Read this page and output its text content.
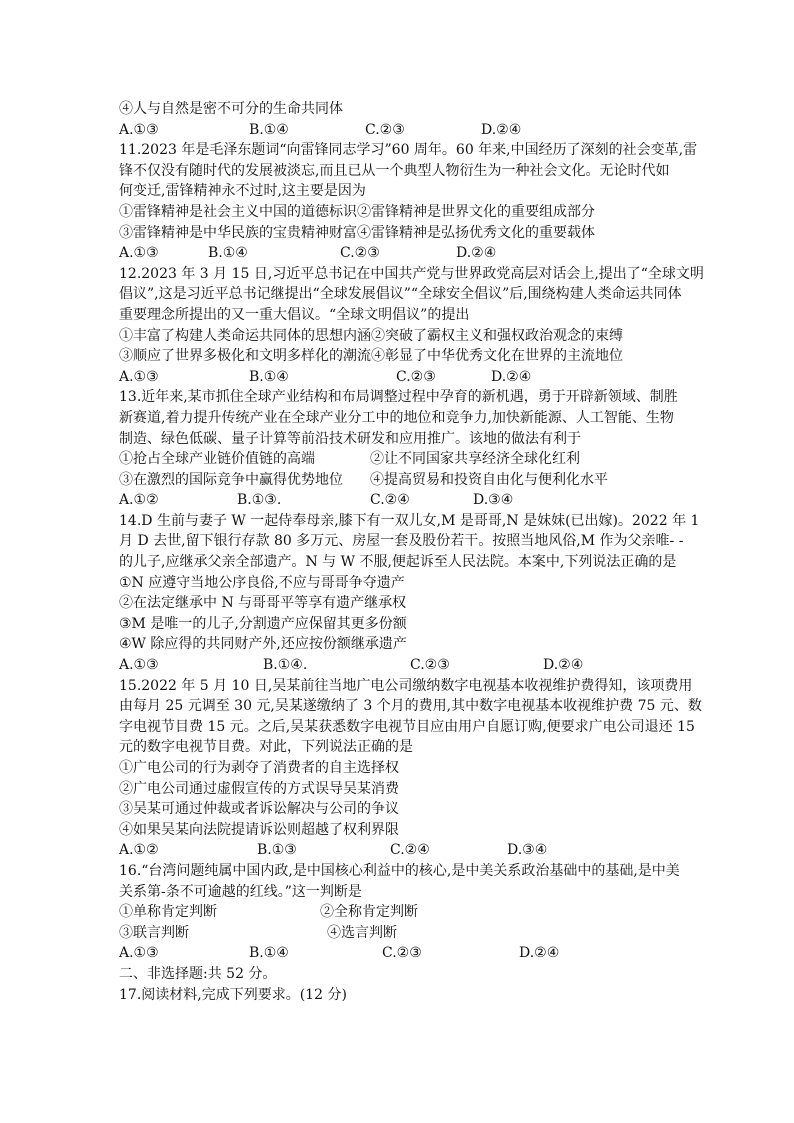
④人与自然是密不可分的生命共同体
A.①③	B.①④	C.②③	D.②④
11.2023 年是毛泽东题词“向雷锋同志学习”60 周年。60 年来,中国经历了深刻的社会变革,雷
锋不仅没有随时代的发展被淡忘,而且已从一个典型人物衍生为一种社会文化。无论时代如
何变迁,雷锋精神永不过时,这主要是因为
①雷锋精神是社会主义中国的道德标识②雷锋精神是世界文化的重要组成部分
③雷锋精神是中华民族的宝贵精神财富④雷锋精神是弘扬优秀文化的重要载体
A.①③	B.①④	C.②③	D.②④
12.2023 年 3 月 15 日,习近平总书记在中国共产党与世界政党高层对话会上,提出了“全球文明
倡议”,这是习近平总书记继提出“全球发展倡议”“全球安全倡议”后,围绕构建人类命运共同体
重要理念所提出的又一重大倡议。“全球文明倡议”的提出
①丰富了构建人类命运共同体的思想内涵②突破了霸权主义和强权政治观念的束缚
③顺应了世界多极化和文明多样化的潮流④彰显了中华优秀文化在世界的主流地位
A.①③	B.①④	C.②③	D.②④
13.近年来,某市抓住全球产业结构和布局调整过程中孕育的新机遇，勇于开辟新领域、制胜
新赛道,着力提升传统产业在全球产业分工中的地位和竞争力,加快新能源、人工智能、生物
制造、绿色低碳、量子计算等前沿技术研发和应用推广。该地的做法有利于
①抢占全球产业链价值链的高端	②让不同国家共享经济全球化红利
③在激烈的国际竞争中赢得优势地位	④提高贸易和投资自由化与便利化水平
A.①②	B.①③.	C.②④	D.③④
14.D 生前与妻子 W 一起侍奉母亲,膝下有一双儿女,M 是哥哥,N 是妹妹(已出嫁)。2022 年 1
月 D 去世,留下银行存款 80 多万元、房屋一套及股份若干。按照当地风俗,M 作为父亲唯- -
的儿子,应继承父亲全部遗产。N 与 W 不服,便起诉至人民法院。本案中,下列说法正确的是
①N 应遵守当地公序良俗,不应与哥哥争夺遗产
②在法定继承中 N 与哥哥平等享有遗产继承权
③M 是唯一的儿子,分割遗产应保留其更多份额
④W 除应得的共同财产外,还应按份额继承遗产
A.①③	B.①④.	C.②③	D.②④
15.2022 年 5 月 10 日,吴某前往当地广电公司缴纳数字电视基本收视维护费得知，该项费用
由每月 25 元调至 30 元,吴某遂缴纳了 3 个月的费用,其中数字电视基本收视维护费 75 元、数
字电视节目费 15 元。之后,吴某获悉数字电视节目应由用户自愿订购,便要求广电公司退还 15
元的数字电视节目费。对此，下列说法正确的是
①广电公司的行为剥夺了消费者的自主选择权
②广电公司通过虚假宣传的方式误导吴某消费
③吴某可通过仲裁或者诉讼解决与公司的争议
④如果吴某向法院提请诉讼则超越了权利界限
A.①②	B.①③	C.②④	D.③④
16.“台湾问题纯属中国内政,是中国核心利益中的核心,是中美关系政治基础中的基础,是中美
关系第-条不可逾越的红线。”这一判断是
①单称肯定判断	②全称肯定判断
③联言判断	④选言判断
A.①③	B.①④	C.②③	D.②④
二、非选择题:共 52 分。
17.阅读材料,完成下列要求。(12 分)
